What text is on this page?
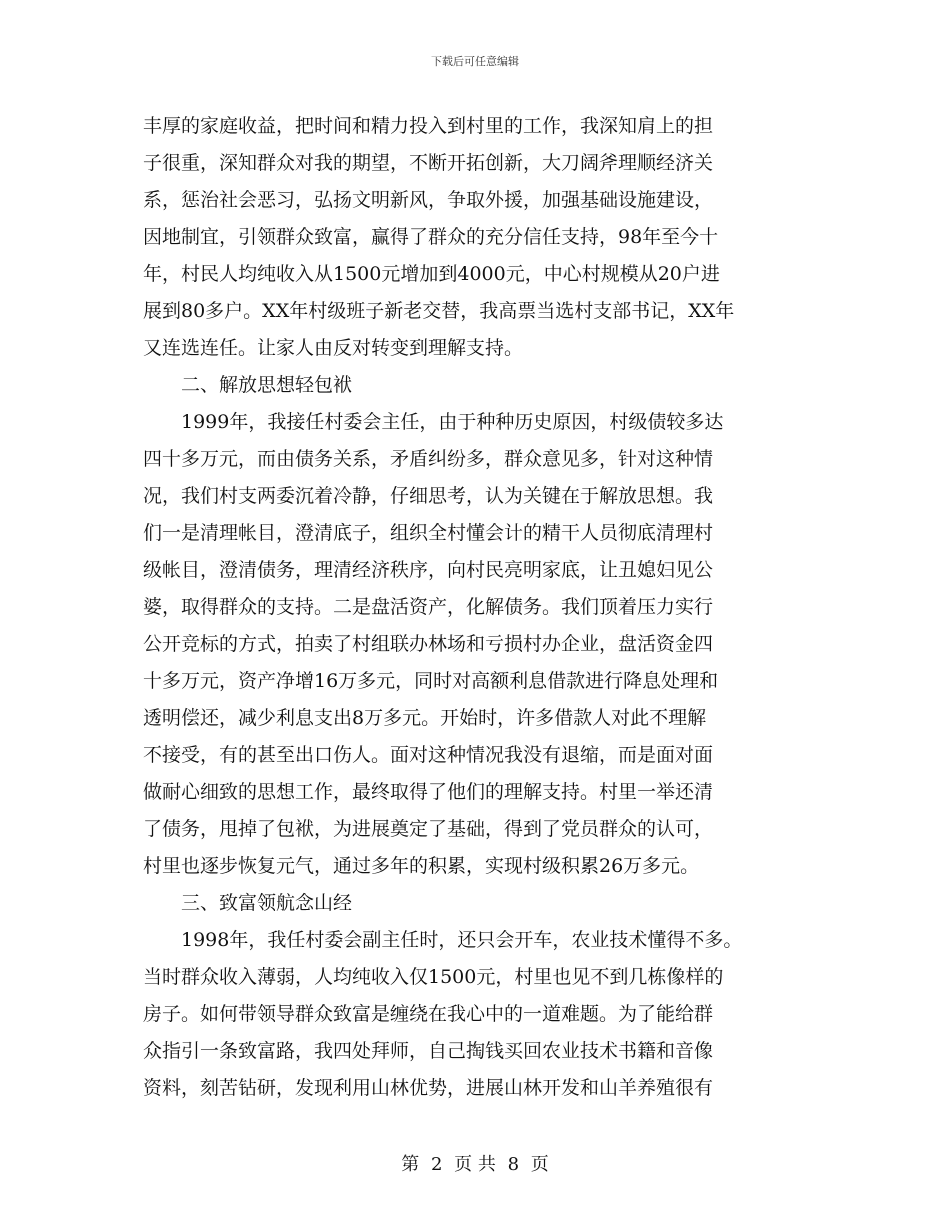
下载后可任意编辑
丰厚的家庭收益，把时间和精力投入到村里的工作，我深知肩上的担
子很重，深知群众对我的期望，不断开拓创新，大刀阔斧理顺经济关
系，惩治社会恶习，弘扬文明新风，争取外援，加强基础设施建设，
因地制宜，引领群众致富，赢得了群众的充分信任支持，98年至今十
年，村民人均纯收入从1500元增加到4000元，中心村规模从20户进
展到80多户。XX年村级班子新老交替，我高票当选村支部书记，XX年
又连选连任。让家人由反对转变到理解支持。
　　二、解放思想轻包袱
　　1999年，我接任村委会主任，由于种种历史原因，村级债较多达
四十多万元，而由债务关系，矛盾纠纷多，群众意见多，针对这种情
况，我们村支两委沉着冷静，仔细思考，认为关键在于解放思想。我
们一是清理帐目，澄清底子，组织全村懂会计的精干人员彻底清理村
级帐目，澄清债务，理清经济秩序，向村民亮明家底，让丑媳妇见公
婆，取得群众的支持。二是盘活资产，化解债务。我们顶着压力实行
公开竞标的方式，拍卖了村组联办林场和亏损村办企业，盘活资金四
十多万元，资产净增16万多元，同时对高额利息借款进行降息处理和
透明偿还，减少利息支出8万多元。开始时，许多借款人对此不理解
不接受，有的甚至出口伤人。面对这种情况我没有退缩，而是面对面
做耐心细致的思想工作，最终取得了他们的理解支持。村里一举还清
了债务，甩掉了包袱，为进展奠定了基础，得到了党员群众的认可，
村里也逐步恢复元气，通过多年的积累，实现村级积累26万多元。
　　三、致富领航念山经
　　1998年，我任村委会副主任时，还只会开车，农业技术懂得不多。
当时群众收入薄弱，人均纯收入仅1500元，村里也见不到几栋像样的
房子。如何带领导群众致富是缠绕在我心中的一道难题。为了能给群
众指引一条致富路，我四处拜师，自己掏钱买回农业技术书籍和音像
资料，刻苦钻研，发现利用山林优势，进展山林开发和山羊养殖很有
第 2 页 共 8 页
